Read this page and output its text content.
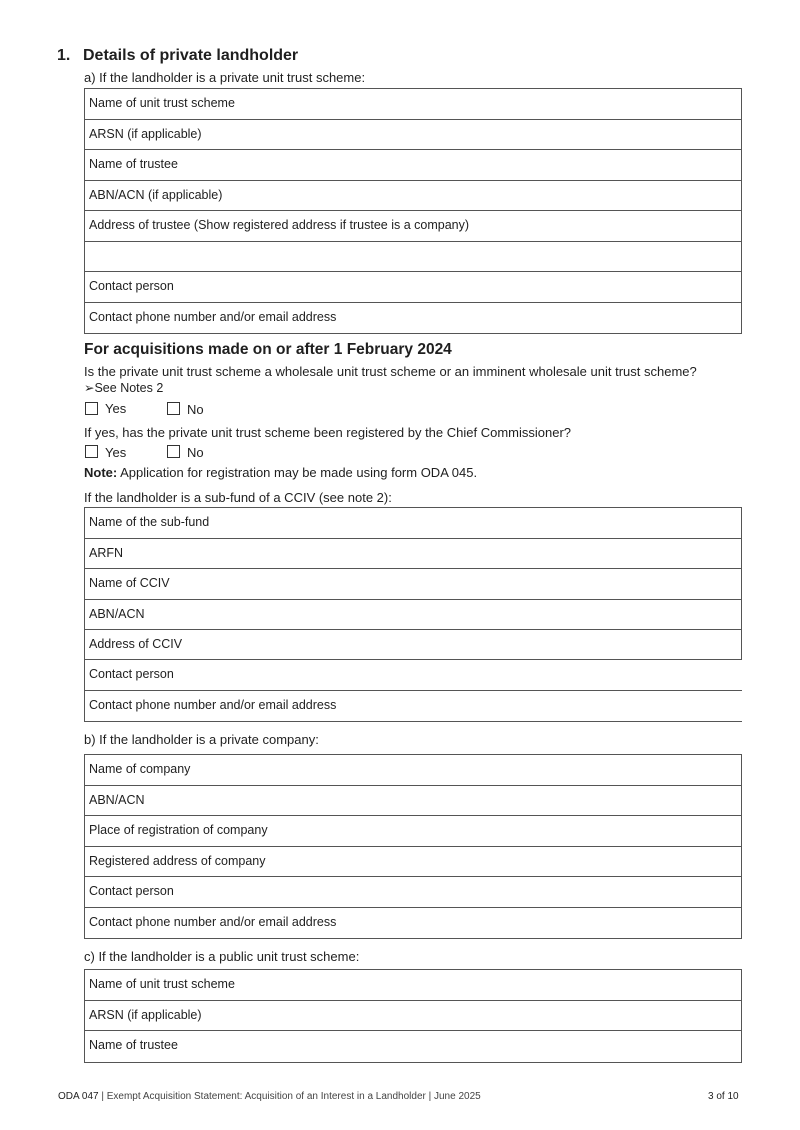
1. Details of private landholder
a) If the landholder is a private unit trust scheme:
Name of unit trust scheme
ARSN (if applicable)
Name of trustee
ABN/ACN (if applicable)
Address of trustee (Show registered address if trustee is a company)
Contact person
Contact phone number and/or email address
For acquisitions made on or after 1 February 2024
Is the private unit trust scheme a wholesale unit trust scheme or an imminent wholesale unit trust scheme?
➢See Notes 2
Yes	No
If yes, has the private unit trust scheme been registered by the Chief Commissioner?
Yes	No
Note: Application for registration may be made using form ODA 045.
If the landholder is a sub-fund of a CCIV (see note 2):
Name of the sub-fund
ARFN
Name of CCIV
ABN/ACN
Address of CCIV
Contact person
Contact phone number and/or email address
b) If the landholder is a private company:
Name of company
ABN/ACN
Place of registration of company
Registered address of company
Contact person
Contact phone number and/or email address
c) If the landholder is a public unit trust scheme:
Name of unit trust scheme
ARSN (if applicable)
Name of trustee
ODA 047 | Exempt Acquisition Statement: Acquisition of an Interest in a Landholder | June 2025	3 of 10
